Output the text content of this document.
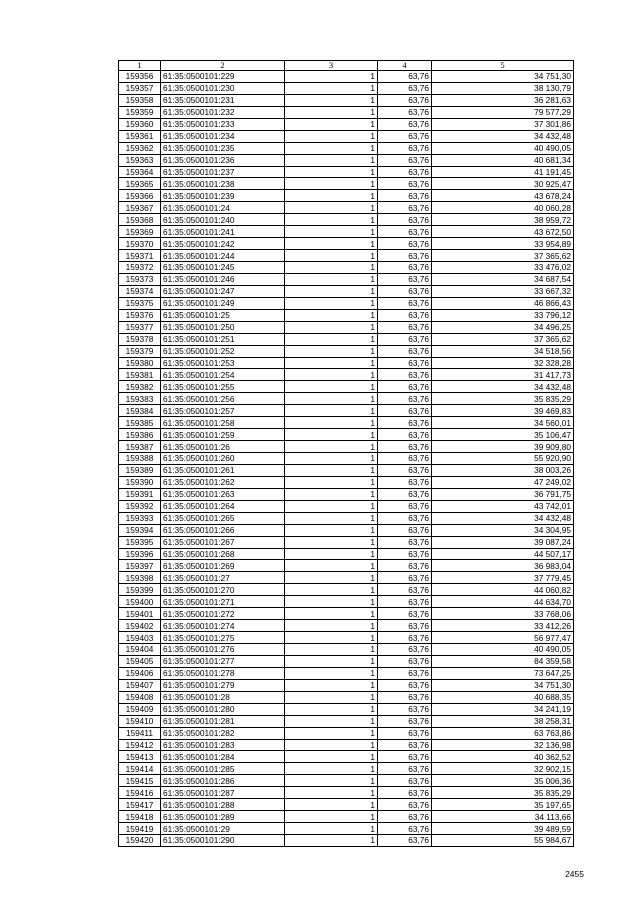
1	2	3	4	5
159356	61:35:0500101:229	1	63,76	34 751,30
159357	61:35:0500101:230	1	63,76	38 130,79
159358	61:35:0500101:231	1	63,76	36 281,63
159359	61:35:0500101:232	1	63,76	79 577,29
159360	61:35:0500101:233	1	63,76	37 301,86
159361	61:35:0500101:234	1	63,76	34 432,48
159362	61:35:0500101:235	1	63,76	40 490,05
159363	61:35:0500101:236	1	63,76	40 681,34
159364	61:35:0500101:237	1	63,76	41 191,45
159365	61:35:0500101:238	1	63,76	30 925,47
159366	61:35:0500101:239	1	63,76	43 678,24
159367	61:35:0500101:24	1	63,76	40 060,28
159368	61:35:0500101:240	1	63,76	38 959,72
159369	61:35:0500101:241	1	63,76	43 672,50
159370	61:35:0500101:242	1	63,76	33 954,89
159371	61:35:0500101:244	1	63,76	37 365,62
159372	61:35:0500101:245	1	63,76	33 476,02
159373	61:35:0500101:246	1	63,76	34 687,54
159374	61:35:0500101:247	1	63,76	33 667,32
159375	61:35:0500101:249	1	63,76	46 866,43
159376	61:35:0500101:25	1	63,76	33 796,12
159377	61:35:0500101:250	1	63,76	34 496,25
159378	61:35:0500101:251	1	63,76	37 365,62
159379	61:35:0500101:252	1	63,76	34 518,56
159380	61:35:0500101:253	1	63,76	32 328,28
159381	61:35:0500101:254	1	63,76	31 417,73
159382	61:35:0500101:255	1	63,76	34 432,48
159383	61:35:0500101:256	1	63,76	35 835,29
159384	61:35:0500101:257	1	63,76	39 469,83
159385	61:35:0500101:258	1	63,76	34 560,01
159386	61:35:0500101:259	1	63,76	35 106,47
159387	61:35:0500101:26	1	63,76	39 909,80
159388	61:35:0500101:260	1	63,76	55 920,90
159389	61:35:0500101:261	1	63,76	38 003,26
159390	61:35:0500101:262	1	63,76	47 249,02
159391	61:35:0500101:263	1	63,76	36 791,75
159392	61:35:0500101:264	1	63,76	43 742,01
159393	61:35:0500101:265	1	63,76	34 432,48
159394	61:35:0500101:266	1	63,76	34 304,95
159395	61:35:0500101:267	1	63,76	39 087,24
159396	61:35:0500101:268	1	63,76	44 507,17
159397	61:35:0500101:269	1	63,76	36 983,04
159398	61:35:0500101:27	1	63,76	37 779,45
159399	61:35:0500101:270	1	63,76	44 060,82
159400	61:35:0500101:271	1	63,76	44 634,70
159401	61:35:0500101:272	1	63,76	33 768,06
159402	61:35:0500101:274	1	63,76	33 412,26
159403	61:35:0500101:275	1	63,76	56 977,47
159404	61:35:0500101:276	1	63,76	40 490,05
159405	61:35:0500101:277	1	63,76	84 359,58
159406	61:35:0500101:278	1	63,76	73 647,25
159407	61:35:0500101:279	1	63,76	34 751,30
159408	61:35:0500101:28	1	63,76	40 688,35
159409	61:35:0500101:280	1	63,76	34 241,19
159410	61:35:0500101:281	1	63,76	38 258,31
159411	61:35:0500101:282	1	63,76	63 763,86
159412	61:35:0500101:283	1	63,76	32 136,98
159413	61:35:0500101:284	1	63,76	40 362,52
159414	61:35:0500101:285	1	63,76	32 902,15
159415	61:35:0500101:286	1	63,76	35 006,36
159416	61:35:0500101:287	1	63,76	35 835,29
159417	61:35:0500101:288	1	63,76	35 197,65
159418	61:35:0500101:289	1	63,76	34 113,66
159419	61:35:0500101:29	1	63,76	39 489,59
159420	61:35:0500101:290	1	63,76	55 984,67
2455
